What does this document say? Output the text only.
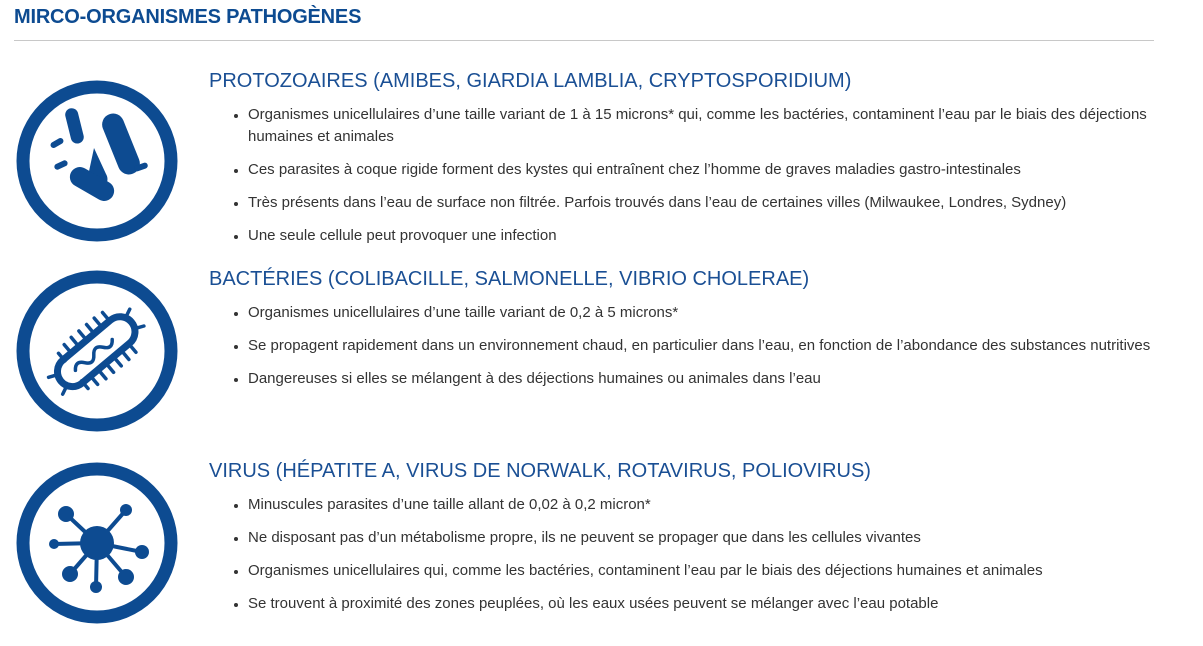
MIRCO-ORGANISMES PATHOGÈNES
PROTOZOAIRES (AMIBES, GIARDIA LAMBLIA, CRYPTOSPORIDIUM)
• Organismes unicellulaires d’une taille variant de 1 à 15 microns* qui, comme les bactéries, contaminent l’eau par le biais des déjections humaines et animales
• Ces parasites à coque rigide forment des kystes qui entraînent chez l’homme de graves maladies gastro-intestinales
• Très présents dans l’eau de surface non filtrée. Parfois trouvés dans l’eau de certaines villes (Milwaukee, Londres, Sydney)
• Une seule cellule peut provoquer une infection
BACTÉRIES (COLIBACILLE, SALMONELLE, VIBRIO CHOLERAE)
• Organismes unicellulaires d’une taille variant de 0,2 à 5 microns*
• Se propagent rapidement dans un environnement chaud, en particulier dans l’eau, en fonction de l’abondance des substances nutritives
• Dangereuses si elles se mélangent à des déjections humaines ou animales dans l’eau
VIRUS (HÉPATITE A, VIRUS DE NORWALK, ROTAVIRUS, POLIOVIRUS)
• Minuscules parasites d’une taille allant de 0,02 à 0,2 micron*
• Ne disposant pas d’un métabolisme propre, ils ne peuvent se propager que dans les cellules vivantes
• Organismes unicellulaires qui, comme les bactéries, contaminent l’eau par le biais des déjections humaines et animales
• Se trouvent à proximité des zones peuplées, où les eaux usées peuvent se mélanger avec l’eau potable
